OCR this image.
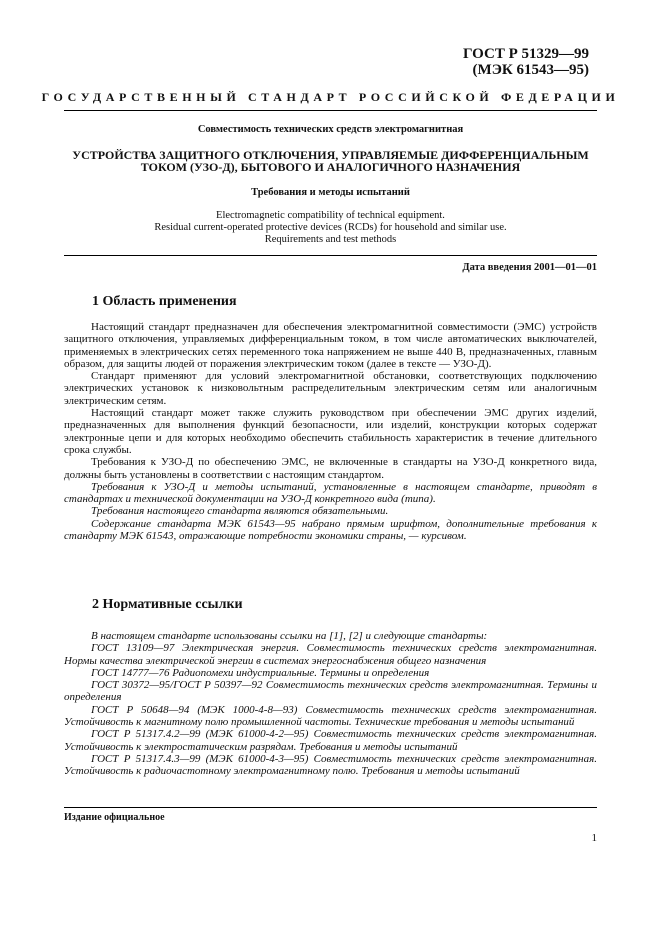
ГОСТ Р 51329—99
(МЭК 61543—95)
ГОСУДАРСТВЕННЫЙ СТАНДАРТ РОССИЙСКОЙ ФЕДЕРАЦИИ
Совместимость технических средств электромагнитная
УСТРОЙСТВА ЗАЩИТНОГО ОТКЛЮЧЕНИЯ, УПРАВЛЯЕМЫЕ ДИФФЕРЕНЦИАЛЬНЫМ
ТОКОМ (УЗО-Д), БЫТОВОГО И АНАЛОГИЧНОГО НАЗНАЧЕНИЯ
Требования и методы испытаний
Electromagnetic compatibility of technical equipment.
Residual current-operated protective devices (RCDs) for household and similar use.
Requirements and test methods
Дата введения 2001—01—01
1 Область применения

Настоящий стандарт предназначен для обеспечения электромагнитной совместимости (ЭМС) устройств защитного отключения, управляемых дифференциальным током, в том числе автоматических выключателей, применяемых в электрических сетях переменного тока напряжением не выше 440 В, предназначенных, главным образом, для защиты людей от поражения электрическим током (далее в тексте — УЗО-Д).

Стандарт применяют для условий электромагнитной обстановки, соответствующих подключению электрических установок к низковольтным распределительным электрическим сетям или аналогичным электрическим сетям.

Настоящий стандарт может также служить руководством при обеспечении ЭМС других изделий, предназначенных для выполнения функций безопасности, или изделий, конструкции которых содержат электронные цепи и для которых необходимо обеспечить стабильность характеристик в течение длительного срока службы.

Требования к УЗО-Д по обеспечению ЭМС, не включенные в стандарты на УЗО-Д конкретного вида, должны быть установлены в соответствии с настоящим стандартом.

Требования к УЗО-Д и методы испытаний, установленные в настоящем стандарте, приводят в стандартах и технической документации на УЗО-Д конкретного вида (типа).

Требования настоящего стандарта являются обязательными.

Содержание стандарта МЭК 61543—95 набрано прямым шрифтом, дополнительные требования к стандарту МЭК 61543, отражающие потребности экономики страны, — курсивом.

2 Нормативные ссылки

В настоящем стандарте использованы ссылки на [1], [2] и следующие стандарты:

ГОСТ 13109—97 Электрическая энергия. Совместимость технических средств электромагнитная. Нормы качества электрической энергии в системах энергоснабжения общего назначения

ГОСТ 14777—76 Радиопомехи индустриальные. Термины и определения

ГОСТ 30372—95/ГОСТ Р 50397—92 Совместимость технических средств электромагнитная. Термины и определения

ГОСТ Р 50648—94 (МЭК 1000-4-8—93) Совместимость технических средств электромагнитная. Устойчивость к магнитному полю промышленной частоты. Технические требования и методы испытаний

ГОСТ Р 51317.4.2—99 (МЭК 61000-4-2—95) Совместимость технических средств электромагнитная. Устойчивость к электростатическим разрядам. Требования и методы испытаний

ГОСТ Р 51317.4.3—99 (МЭК 61000-4-3—95) Совместимость технических средств электромагнитная. Устойчивость к радиочастотному электромагнитному полю. Требования и методы испытаний

Издание официальное
1
